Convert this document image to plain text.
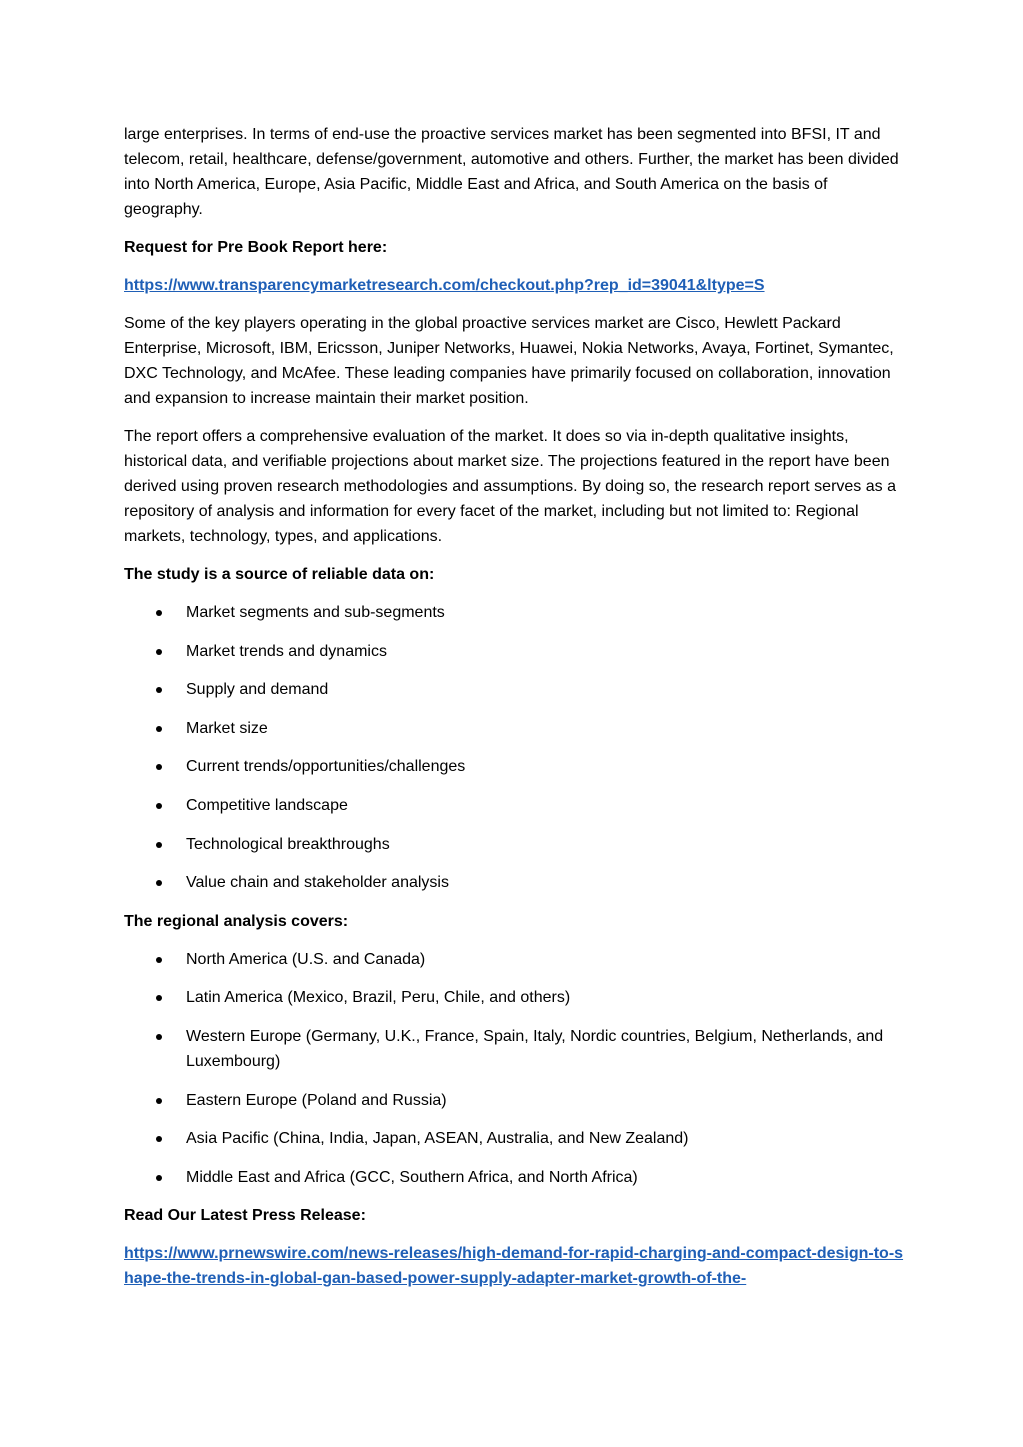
large enterprises. In terms of end-use the proactive services market has been segmented into BFSI, IT and telecom, retail, healthcare, defense/government, automotive and others. Further, the market has been divided into North America, Europe, Asia Pacific, Middle East and Africa, and South America on the basis of geography.

Request for Pre Book Report here:

https://www.transparencymarketresearch.com/checkout.php?rep_id=39041&ltype=S

Some of the key players operating in the global proactive services market are Cisco, Hewlett Packard Enterprise, Microsoft, IBM, Ericsson, Juniper Networks, Huawei, Nokia Networks, Avaya, Fortinet, Symantec, DXC Technology, and McAfee. These leading companies have primarily focused on collaboration, innovation and expansion to increase maintain their market position.

The report offers a comprehensive evaluation of the market. It does so via in-depth qualitative insights, historical data, and verifiable projections about market size. The projections featured in the report have been derived using proven research methodologies and assumptions. By doing so, the research report serves as a repository of analysis and information for every facet of the market, including but not limited to: Regional markets, technology, types, and applications.

The study is a source of reliable data on:

Market segments and sub-segments
Market trends and dynamics
Supply and demand
Market size
Current trends/opportunities/challenges
Competitive landscape
Technological breakthroughs
Value chain and stakeholder analysis

The regional analysis covers:

North America (U.S. and Canada)
Latin America (Mexico, Brazil, Peru, Chile, and others)
Western Europe (Germany, U.K., France, Spain, Italy, Nordic countries, Belgium, Netherlands, and Luxembourg)
Eastern Europe (Poland and Russia)
Asia Pacific (China, India, Japan, ASEAN, Australia, and New Zealand)
Middle East and Africa (GCC, Southern Africa, and North Africa)

Read Our Latest Press Release:

https://www.prnewswire.com/news-releases/high-demand-for-rapid-charging-and-compact-design-to-shape-the-trends-in-global-gan-based-power-supply-adapter-market-growth-of-the-
